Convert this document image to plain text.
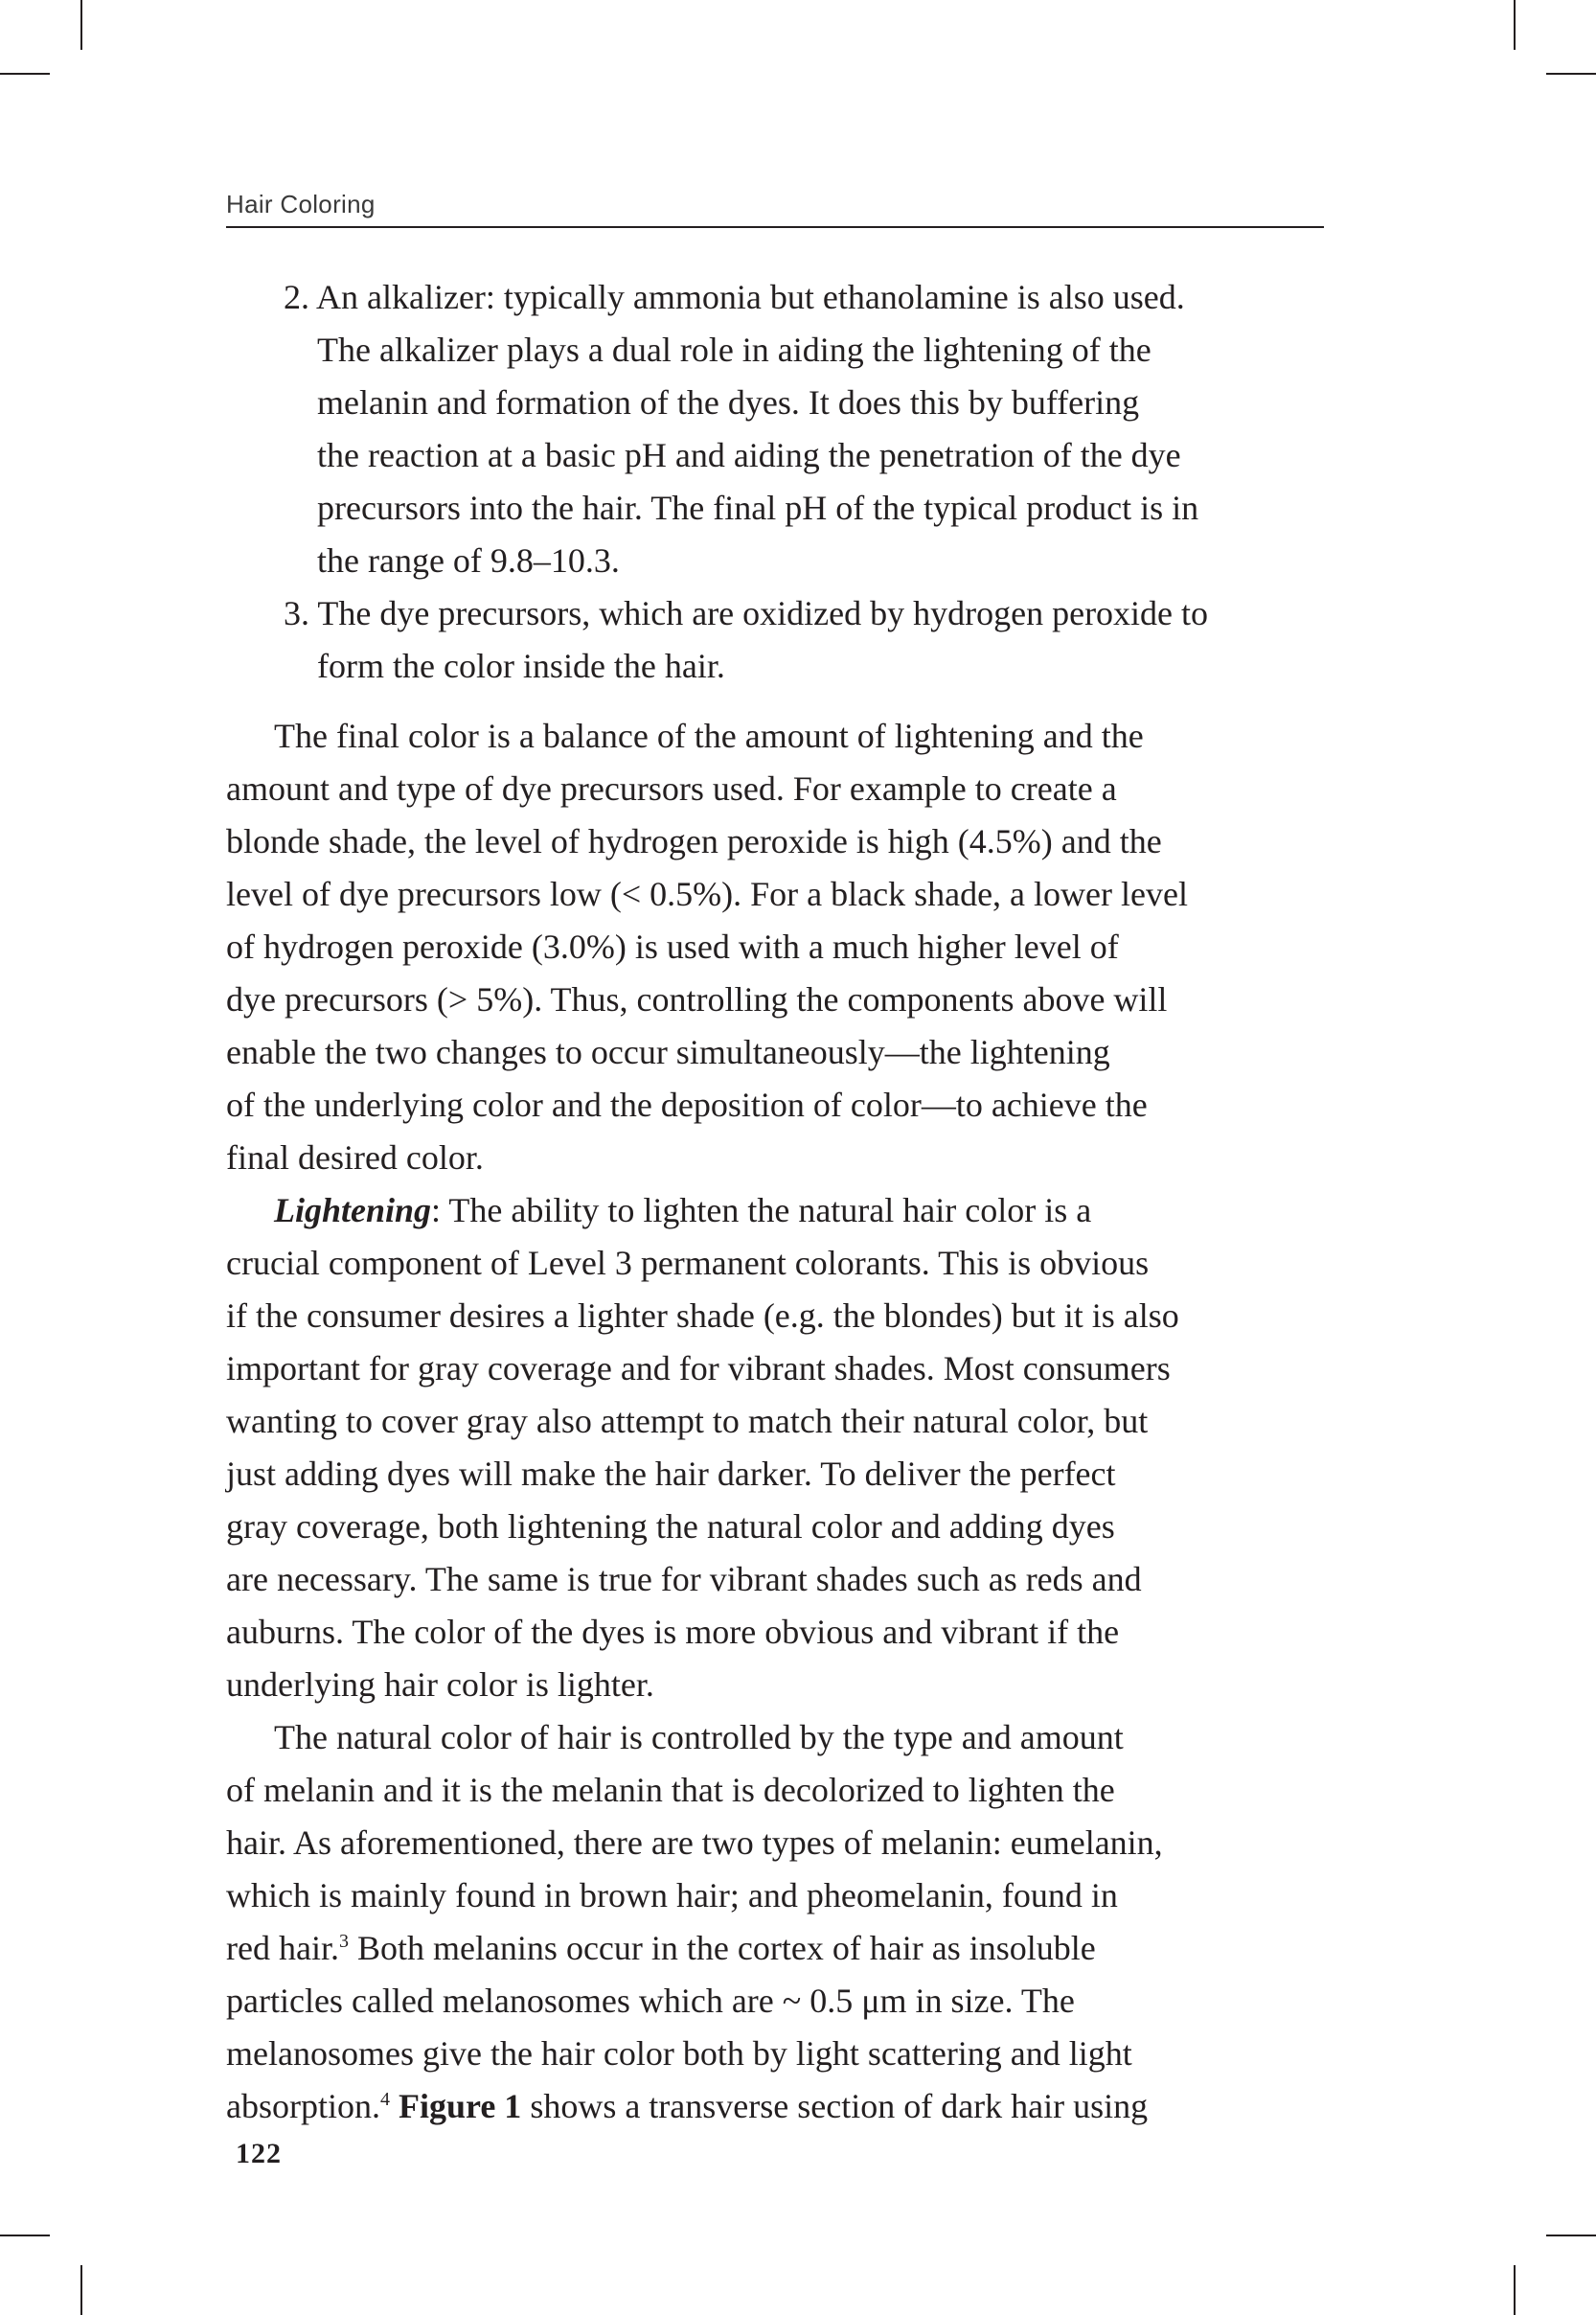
Hair Coloring
2. An alkalizer: typically ammonia but ethanolamine is also used.
The alkalizer plays a dual role in aiding the lightening of the
melanin and formation of the dyes. It does this by buffering
the reaction at a basic pH and aiding the penetration of the dye
precursors into the hair. The final pH of the typical product is in
the range of 9.8–10.3.
3. The dye precursors, which are oxidized by hydrogen peroxide to
form the color inside the hair.
The final color is a balance of the amount of lightening and the
amount and type of dye precursors used. For example to create a
blonde shade, the level of hydrogen peroxide is high (4.5%) and the
level of dye precursors low (< 0.5%). For a black shade, a lower level
of hydrogen peroxide (3.0%) is used with a much higher level of
dye precursors (> 5%). Thus, controlling the components above will
enable the two changes to occur simultaneously—the lightening
of the underlying color and the deposition of color—to achieve the
final desired color.
Lightening: The ability to lighten the natural hair color is a
crucial component of Level 3 permanent colorants. This is obvious
if the consumer desires a lighter shade (e.g. the blondes) but it is also
important for gray coverage and for vibrant shades. Most consumers
wanting to cover gray also attempt to match their natural color, but
just adding dyes will make the hair darker. To deliver the perfect
gray coverage, both lightening the natural color and adding dyes
are necessary. The same is true for vibrant shades such as reds and
auburns. The color of the dyes is more obvious and vibrant if the
underlying hair color is lighter.
The natural color of hair is controlled by the type and amount
of melanin and it is the melanin that is decolorized to lighten the
hair. As aforementioned, there are two types of melanin: eumelanin,
which is mainly found in brown hair; and pheomelanin, found in
red hair.$^3$ Both melanins occur in the cortex of hair as insoluble
particles called melanosomes which are ~ 0.5 μm in size. The
melanosomes give the hair color both by light scattering and light
absorption.$^4$ Figure 1 shows a transverse section of dark hair using
122
